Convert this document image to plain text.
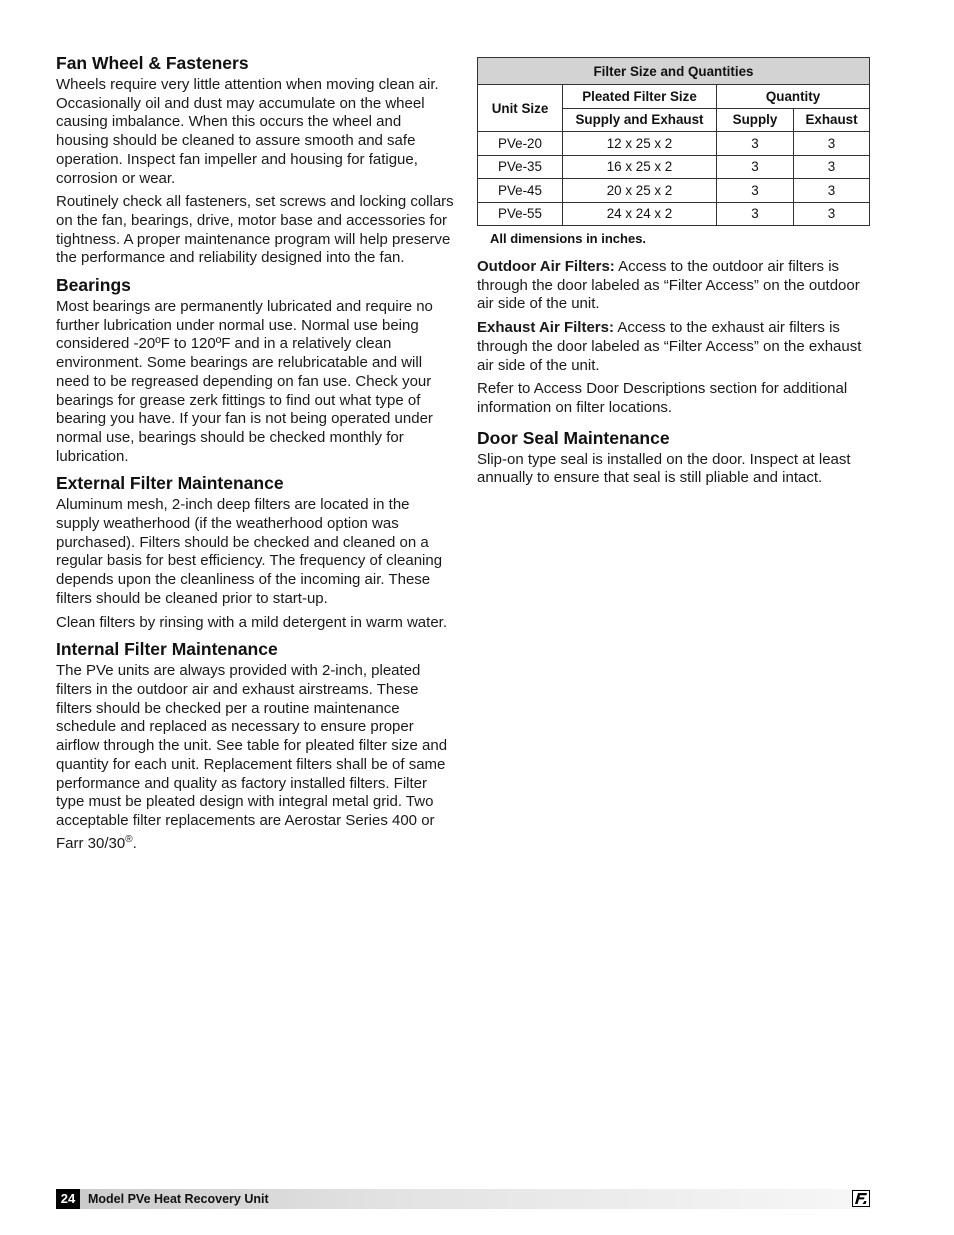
Fan Wheel & Fasteners

Wheels require very little attention when moving clean air. Occasionally oil and dust may accumulate on the wheel causing imbalance. When this occurs the wheel and housing should be cleaned to assure smooth and safe operation. Inspect fan impeller and housing for fatigue, corrosion or wear.

Routinely check all fasteners, set screws and locking collars on the fan, bearings, drive, motor base and accessories for tightness. A proper maintenance program will help preserve the performance and reliability designed into the fan.

Bearings

Most bearings are permanently lubricated and require no further lubrication under normal use. Normal use being considered -20ºF to 120ºF and in a relatively clean environment. Some bearings are relubricatable and will need to be regreased depending on fan use. Check your bearings for grease zerk fittings to find out what type of bearing you have. If your fan is not being operated under normal use, bearings should be checked monthly for lubrication.

External Filter Maintenance

Aluminum mesh, 2-inch deep filters are located in the supply weatherhood (if the weatherhood option was purchased). Filters should be checked and cleaned on a regular basis for best efficiency. The frequency of cleaning depends upon the cleanliness of the incoming air. These filters should be cleaned prior to start-up.

Clean filters by rinsing with a mild detergent in warm water.

Internal Filter Maintenance

The PVe units are always provided with 2-inch, pleated filters in the outdoor air and exhaust airstreams. These filters should be checked per a routine maintenance schedule and replaced as necessary to ensure proper airflow through the unit. See table for pleated filter size and quantity for each unit. Replacement filters shall be of same performance and quality as factory installed filters. Filter type must be pleated design with integral metal grid. Two acceptable filter replacements are Aerostar Series 400 or Farr 30/30®.

Filter Size and Quantities			
Unit Size	Pleated Filter Size	Quantity	
	Supply and Exhaust	Supply	Exhaust
PVe-20	12 x 25 x 2	3	3
PVe-35	16 x 25 x 2	3	3
PVe-45	20 x 25 x 2	3	3
PVe-55	24 x 24 x 2	3	3
All dimensions in inches.

Outdoor Air Filters: Access to the outdoor air filters is through the door labeled as “Filter Access” on the outdoor air side of the unit.

Exhaust Air Filters: Access to the exhaust air filters is through the door labeled as “Filter Access” on the exhaust air side of the unit.

Refer to Access Door Descriptions section for additional information on filter locations.

Door Seal Maintenance

Slip-on type seal is installed on the door. Inspect at least annually to ensure that seal is still pliable and intact.

24	Model PVe Heat Recovery Unit
